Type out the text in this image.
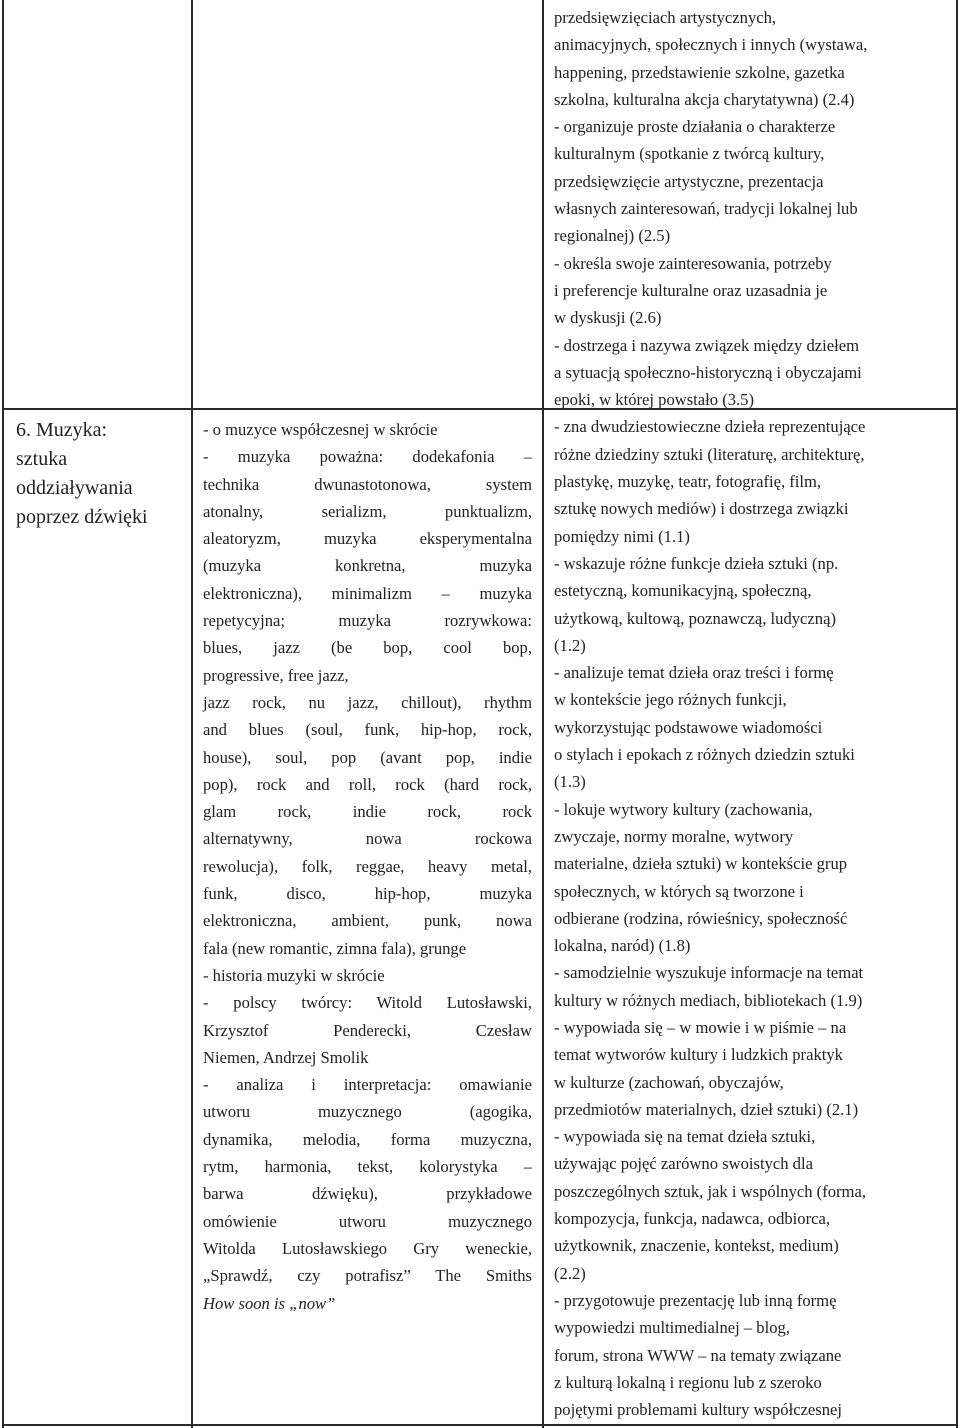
6. Muzyka:
sztuka
oddziaływania
poprzez dźwięki
- o muzyce współczesnej w skrócie
- muzyka poważna: dodekafonia –
technika dwunastotonowa, system
atonalny, serializm, punktualizm,
aleatoryzm, muzyka eksperymentalna
(muzyka konkretna, muzyka
elektroniczna), minimalizm – muzyka
repetycyjna; muzyka rozrywkowa:
blues, jazz (be bop, cool bop,
progressive, free jazz,
jazz rock, nu jazz, chillout), rhythm
and blues (soul, funk, hip-hop, rock,
house), soul, pop (avant pop, indie
pop), rock and roll, rock (hard rock,
glam rock, indie rock, rock
alternatywny, nowa rockowa
rewolucja), folk, reggae, heavy metal,
funk, disco, hip-hop, muzyka
elektroniczna, ambient, punk, nowa
fala (new romantic, zimna fala), grunge
- historia muzyki w skrócie
- polscy twórcy: Witold Lutosławski,
Krzysztof Penderecki, Czesław
Niemen, Andrzej Smolik
- analiza i interpretacja: omawianie
utworu muzycznego (agogika,
dynamika, melodia, forma muzyczna,
rytm, harmonia, tekst, kolorystyka –
barwa dźwięku), przykładowe
omówienie utworu muzycznego
Witolda Lutosławskiego Gry weneckie,
„Sprawdź, czy potrafisz” The Smiths
How soon is „now”
przedsięwzięciach artystycznych,
animacyjnych, społecznych i innych (wystawa,
happening, przedstawienie szkolne, gazetka
szkolna, kulturalna akcja charytatywna) (2.4)
- organizuje proste działania o charakterze
kulturalnym (spotkanie z twórcą kultury,
przedsięwzięcie artystyczne, prezentacja
własnych zainteresowań, tradycji lokalnej lub
regionalnej) (2.5)
- określa swoje zainteresowania, potrzeby
i preferencje kulturalne oraz uzasadnia je
w dyskusji (2.6)
- dostrzega i nazywa związek między dziełem
a sytuacją społeczno-historyczną i obyczajami
epoki, w której powstało (3.5)
- zna dwudziestowieczne dzieła reprezentujące
różne dziedziny sztuki (literaturę, architekturę,
plastykę, muzykę, teatr, fotografię, film,
sztukę nowych mediów) i dostrzega związki
pomiędzy nimi (1.1)
- wskazuje różne funkcje dzieła sztuki (np.
estetyczną, komunikacyjną, społeczną,
użytkową, kultową, poznawczą, ludyczną)
(1.2)
- analizuje temat dzieła oraz treści i formę
w kontekście jego różnych funkcji,
wykorzystując podstawowe wiadomości
o stylach i epokach z różnych dziedzin sztuki
(1.3)
- lokuje wytwory kultury (zachowania,
zwyczaje, normy moralne, wytwory
materialne, dzieła sztuki) w kontekście grup
społecznych, w których są tworzone i
odbierane (rodzina, rówieśnicy, społeczność
lokalna, naród) (1.8)
- samodzielnie wyszukuje informacje na temat
kultury w różnych mediach, bibliotekach (1.9)
- wypowiada się – w mowie i w piśmie – na
temat wytworów kultury i ludzkich praktyk
w kulturze (zachowań, obyczajów,
przedmiotów materialnych, dzieł sztuki) (2.1)
- wypowiada się na temat dzieła sztuki,
używając pojęć zarówno swoistych dla
poszczególnych sztuk, jak i wspólnych (forma,
kompozycja, funkcja, nadawca, odbiorca,
użytkownik, znaczenie, kontekst, medium)
(2.2)
- przygotowuje prezentację lub inną formę
wypowiedzi multimedialnej – blog,
forum, strona WWW – na tematy związane
z kulturą lokalną i regionu lub z szeroko
pojętymi problemami kultury współczesnej
